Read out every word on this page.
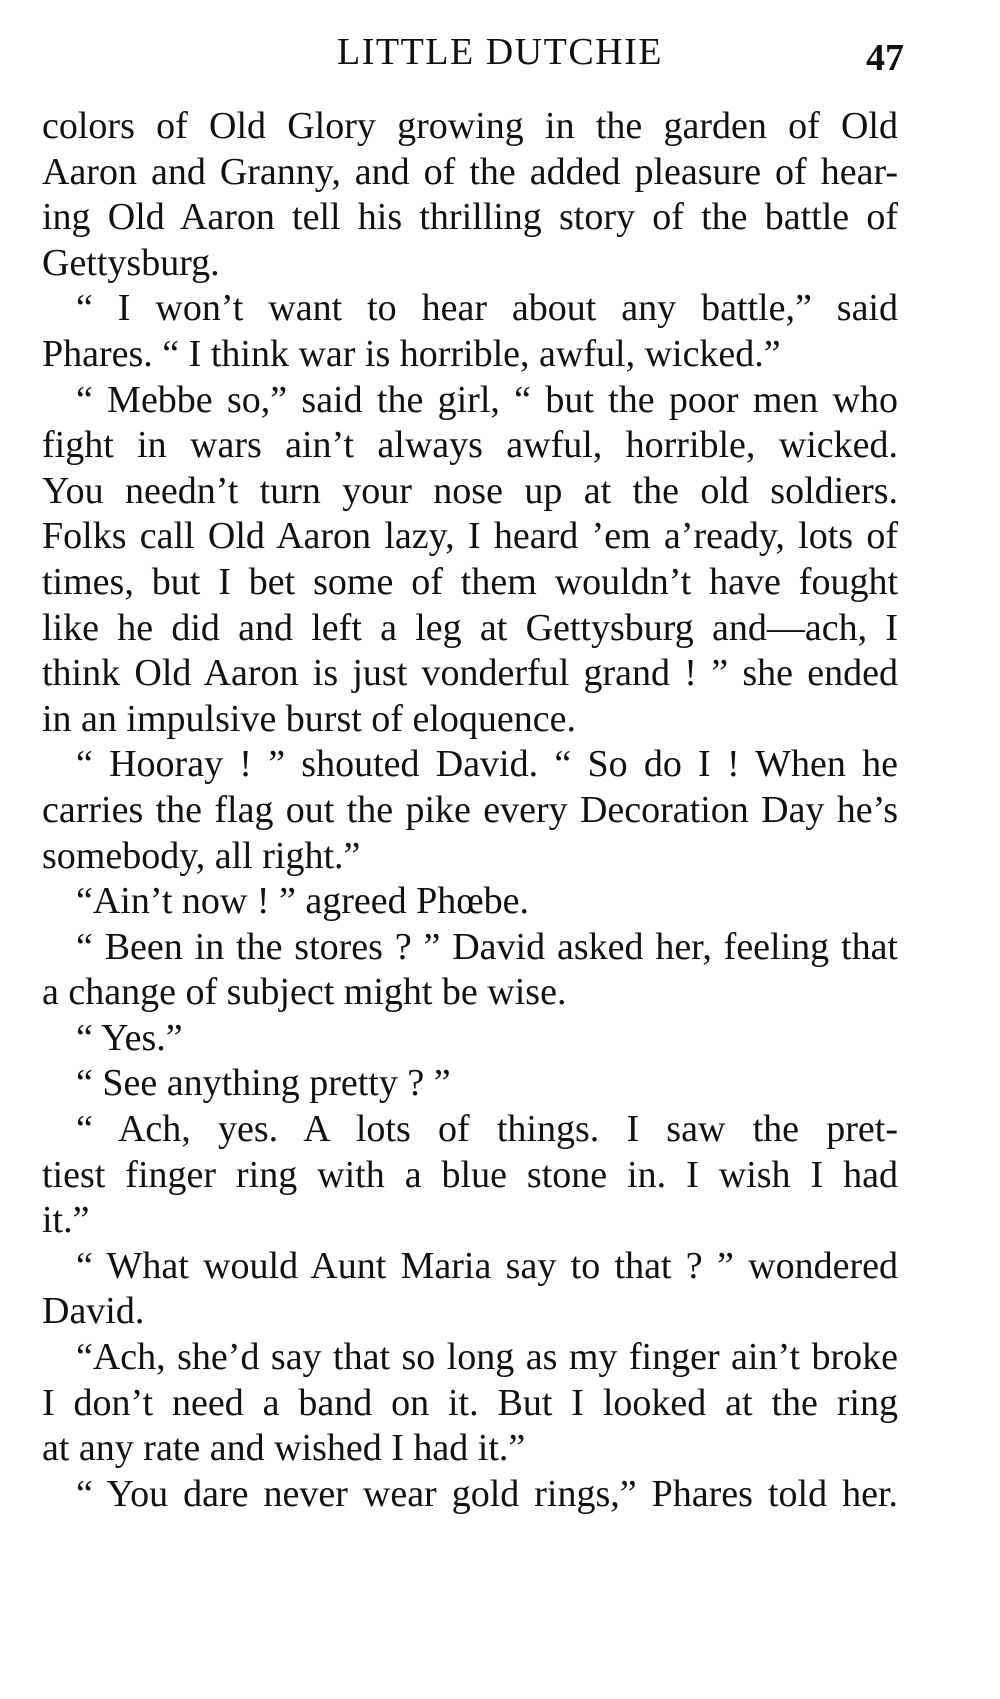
LITTLE DUTCHIE	47
colors of Old Glory growing in the garden of Old
Aaron and Granny, and of the added pleasure of hear-
ing Old Aaron tell his thrilling story of the battle of
Gettysburg.
“ I won’t want to hear about any battle,” said
Phares. “ I think war is horrible, awful, wicked.”
“ Mebbe so,” said the girl, “ but the poor men who
fight in wars ain’t always awful, horrible, wicked.
You needn’t turn your nose up at the old soldiers.
Folks call Old Aaron lazy, I heard ’em a’ready, lots of
times, but I bet some of them wouldn’t have fought
like he did and left a leg at Gettysburg and—ach, I
think Old Aaron is just vonderful grand ! ” she ended
in an impulsive burst of eloquence.
“ Hooray ! ” shouted David. “ So do I ! When he
carries the flag out the pike every Decoration Day he’s
somebody, all right.”
“Ain’t now ! ” agreed Phœbe.
“ Been in the stores ? ” David asked her, feeling that
a change of subject might be wise.
“ Yes.”
“ See anything pretty ? ”
“ Ach, yes. A lots of things. I saw the pret-
tiest finger ring with a blue stone in. I wish I had
it.”
“ What would Aunt Maria say to that ? ” wondered
David.
“Ach, she’d say that so long as my finger ain’t broke
I don’t need a band on it. But I looked at the ring
at any rate and wished I had it.”
“ You dare never wear gold rings,” Phares told her.
